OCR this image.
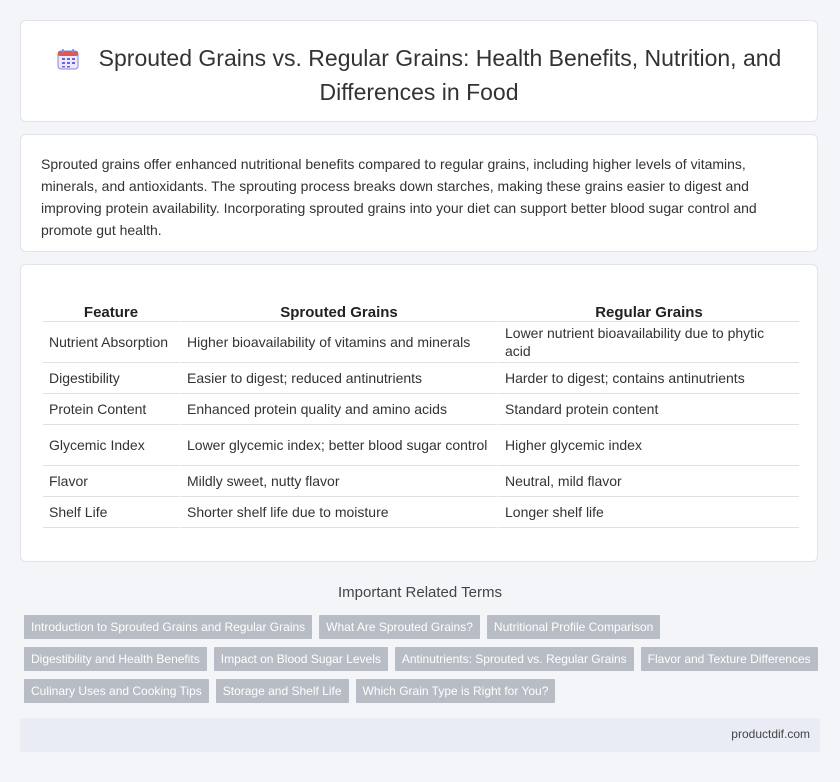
Sprouted Grains vs. Regular Grains: Health Benefits, Nutrition, and Differences in Food

Sprouted grains offer enhanced nutritional benefits compared to regular grains, including higher levels of vitamins, minerals, and antioxidants. The sprouting process breaks down starches, making these grains easier to digest and improving protein availability. Incorporating sprouted grains into your diet can support better blood sugar control and promote gut health.

Feature	Sprouted Grains	Regular Grains
Nutrient Absorption	Higher bioavailability of vitamins and minerals	Lower nutrient bioavailability due to phytic acid
Digestibility	Easier to digest; reduced antinutrients	Harder to digest; contains antinutrients
Protein Content	Enhanced protein quality and amino acids	Standard protein content
Glycemic Index	Lower glycemic index; better blood sugar control	Higher glycemic index
Flavor	Mildly sweet, nutty flavor	Neutral, mild flavor
Shelf Life	Shorter shelf life due to moisture	Longer shelf life
Important Related Terms
Introduction to Sprouted Grains and Regular Grains	What Are Sprouted Grains?	Nutritional Profile Comparison
Digestibility and Health Benefits	Impact on Blood Sugar Levels	Antinutrients: Sprouted vs. Regular Grains	Flavor and Texture Differences
Culinary Uses and Cooking Tips	Storage and Shelf Life	Which Grain Type is Right for You?
productdif.com
